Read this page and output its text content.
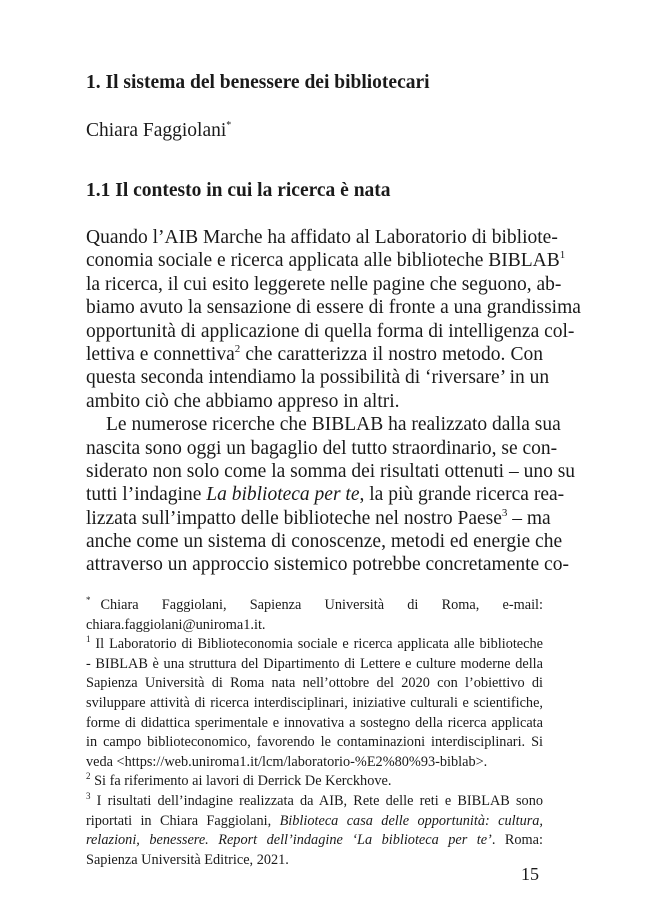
1. Il sistema del benessere dei bibliotecari

Chiara Faggiolani*

1.1 Il contesto in cui la ricerca è nata
Quando l’AIB Marche ha affidato al Laboratorio di bibliote-
conomia sociale e ricerca applicata alle biblioteche BIBLAB$^1$
la ricerca, il cui esito leggerete nelle pagine che seguono, ab-
biamo avuto la sensazione di essere di fronte a una grandissima
opportunità di applicazione di quella forma di intelligenza col-
lettiva e connettiva$^2$ che caratterizza il nostro metodo. Con
questa seconda intendiamo la possibilità di ‘riversare’ in un
ambito ciò che abbiamo appreso in altri.
Le numerose ricerche che BIBLAB ha realizzato dalla sua
nascita sono oggi un bagaglio del tutto straordinario, se con-
siderato non solo come la somma dei risultati ottenuti – uno su
tutti l’indagine La biblioteca per te, la più grande ricerca rea-
lizzata sull’impatto delle biblioteche nel nostro Paese$^3$ – ma
anche come un sistema di conoscenze, metodi ed energie che
attraverso un approccio sistemico potrebbe concretamente co-
* Chiara Faggiolani, Sapienza Università di Roma, e-mail:
chiara.faggiolani@uniroma1.it.
$^1$ Il Laboratorio di Biblioteconomia sociale e ricerca applicata alle biblioteche
- BIBLAB è una struttura del Dipartimento di Lettere e culture moderne della
Sapienza Università di Roma nata nell’ottobre del 2020 con l’obiettivo di
sviluppare attività di ricerca interdisciplinari, iniziative culturali e scientifiche,
forme di didattica sperimentale e innovativa a sostegno della ricerca applicata
in campo biblioteconomico, favorendo le contaminazioni interdisciplinari. Si
veda <https://web.uniroma1.it/lcm/laboratorio-%E2%80%93-biblab>.
$^2$ Si fa riferimento ai lavori di Derrick De Kerckhove.
$^3$ I risultati dell’indagine realizzata da AIB, Rete delle reti e BIBLAB sono
riportati in Chiara Faggiolani, Biblioteca casa delle opportunità: cultura,
relazioni, benessere. Report dell’indagine ‘La biblioteca per te’. Roma:
Sapienza Università Editrice, 2021.
15
